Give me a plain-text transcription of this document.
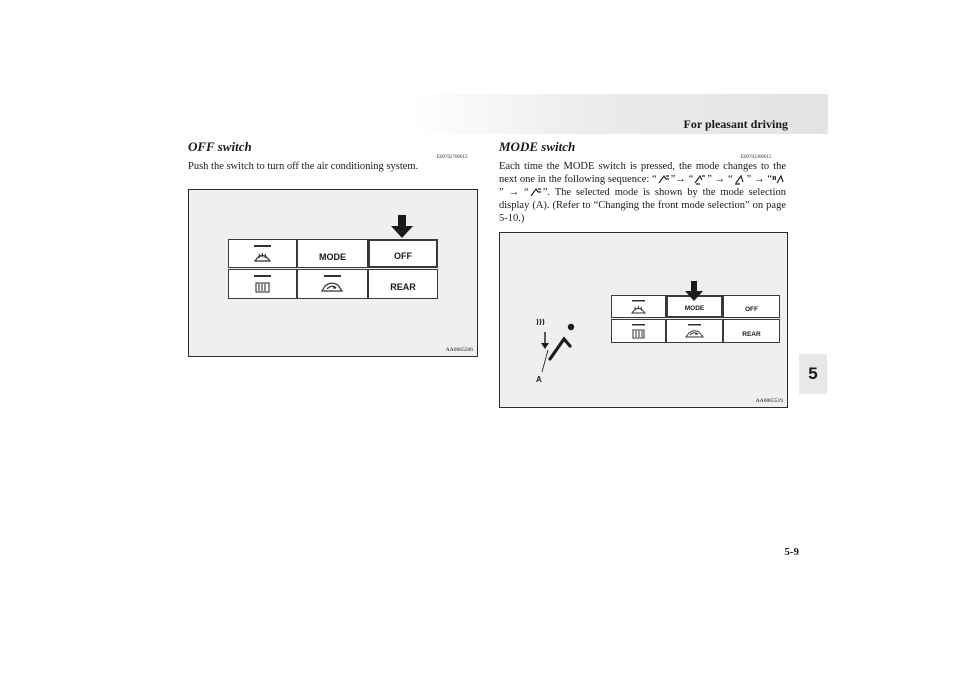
For pleasant driving
5
OFF switch
E00702700012
Push the switch to turn off the air conditioning system.
MODE	OFF
REAR
AA0065506
MODE switch
E00703300015
Each time the MODE switch is pressed, the mode changes to the next one in the following sequence: “ ”→ “ ” → “ ” → “” → “ ”. The selected mode is shown by the mode selection display (A). (Refer to “Changing the front mode selection” on page 5-10.)
MODE	OFF
REAR
A
AA0065519
5-9
